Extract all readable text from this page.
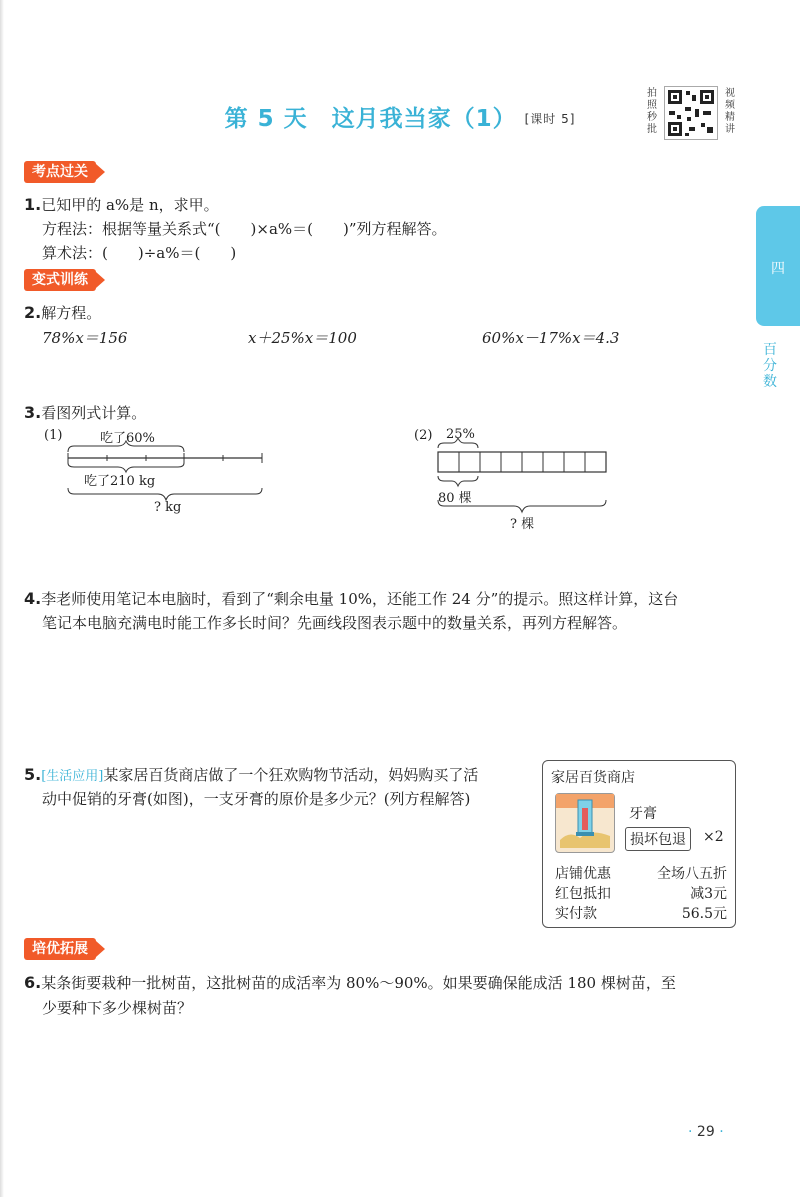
第 5 天　这月我当家（1） [课时 5]
拍照秒批
视频精讲
四
百分数
考点过关
1.已知甲的 a%是 n，求甲。
方程法：根据等量关系式“(　　)×a%＝(　　)”列方程解答。
算术法：(　　)÷a%＝(　　)
变式训练
2.解方程。
78%x＝156	x＋25%x＝100	60%x－17%x＝4.3
3.看图列式计算。
(1)	吃了60%
吃了210 kg
? kg
(2) 25%
80 棵
? 棵
4.李老师使用笔记本电脑时，看到了“剩余电量 10%，还能工作 24 分”的提示。照这样计算，这台
笔记本电脑充满电时能工作多长时间？先画线段图表示题中的数量关系，再列方程解答。
5.[生活应用]某家居百货商店做了一个狂欢购物节活动，妈妈购买了活
动中促销的牙膏(如图)，一支牙膏的原价是多少元？(列方程解答)
家居百货商店
牙膏
损坏包退	×2
店铺优惠	全场八五折
红包抵扣	减3元
实付款	56.5元
培优拓展
6.某条街要栽种一批树苗，这批树苗的成活率为 80%～90%。如果要确保能成活 180 棵树苗，至
少要种下多少棵树苗？
· 29 ·
